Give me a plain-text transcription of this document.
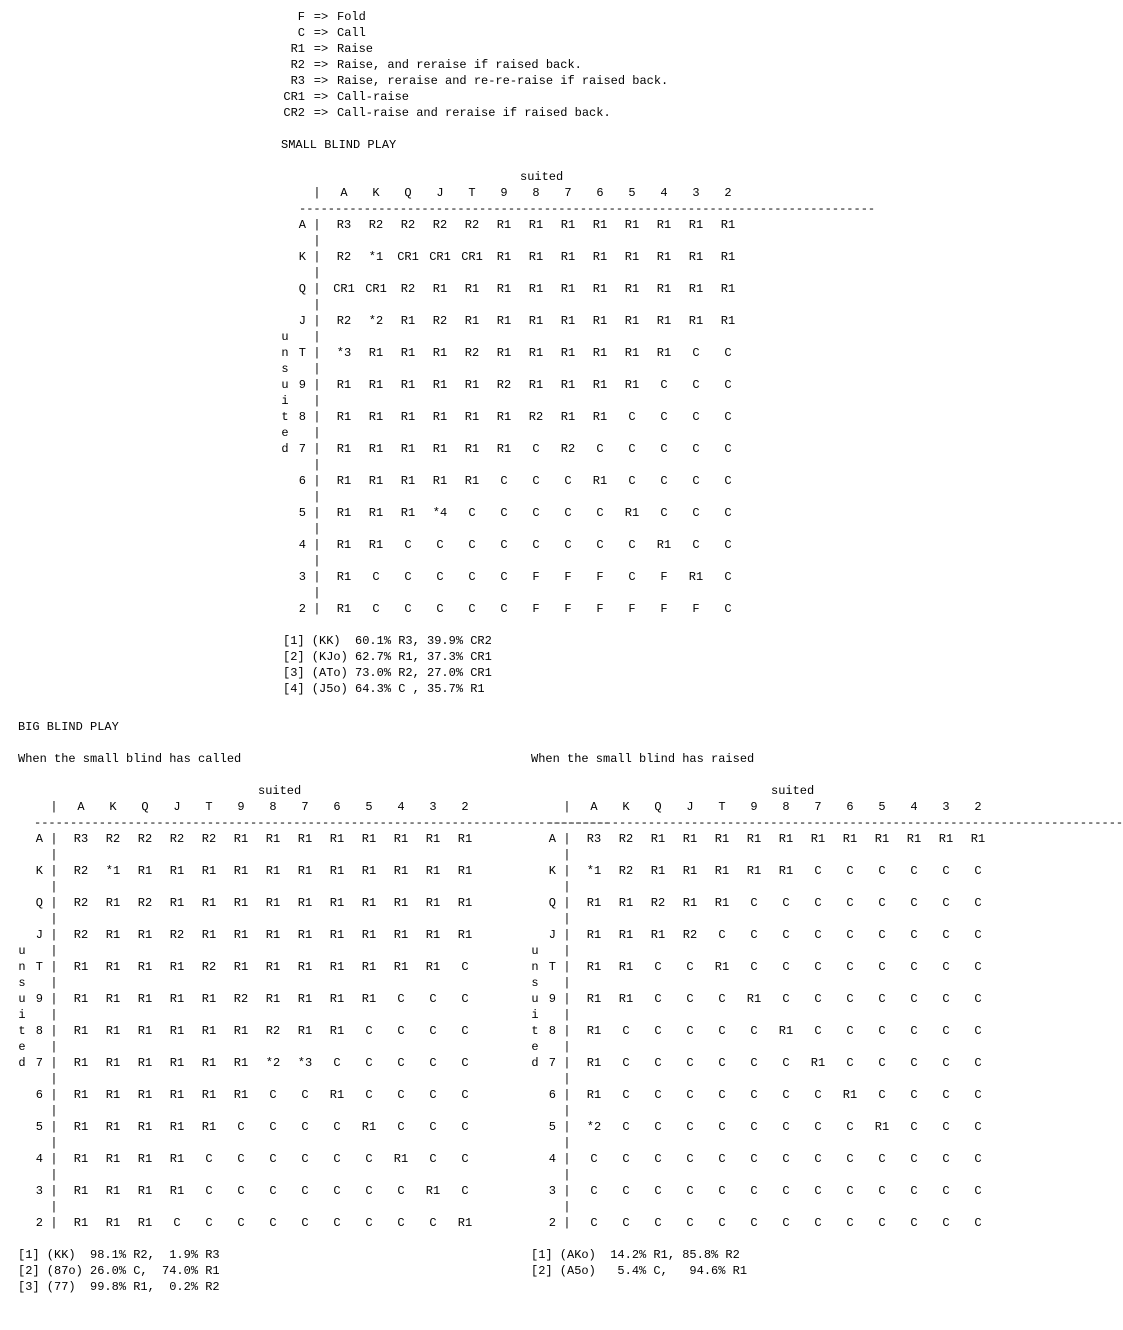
F => Fold
C => Call
R1 => Raise
R2 => Raise, and reraise if raised back.
R3 => Raise, reraise and re-re-raise if raised back.
CR1 => Call-raise
CR2 => Call-raise and reraise if raised back.
SMALL BLIND PLAY
suited
|	A	K	Q	J	T	9	8	7	6	5	4	3	2
--------------------------------------------------------------------------------
A |
|
R3	R2	R2	R2	R2	R1	R1	R1	R1	R1	R1	R1	R1
K |
|
R2	*1	CR1 CR1 CR1	R1	R1	R1	R1	R1	R1	R1	R1
Q |
|
CR1 CR1	R2	R1	R1	R1	R1	R1	R1	R1	R1	R1	R1
J |
|
R2	*2	R1	R2	R1	R1	R1	R1	R1	R1	R1	R1	R1
T |
|
*3	R1	R1	R1	R2	R1	R1	R1	R1	R1	R1	C	C
9 |
|
R1	R1	R1	R1	R1	R2	R1	R1	R1	R1	C	C	C
8 |
|
R1	R1	R1	R1	R1	R1	R2	R1	R1	C	C	C	C
7 |
|
R1	R1	R1	R1	R1	R1	C	R2	C	C	C	C	C
6 |
|
R1	R1	R1	R1	R1	C	C	C	R1	C	C	C	C
5 |
|
R1	R1	R1	*4	C	C	C	C	C	R1	C	C	C
4 |
|
R1	R1	C	C	C	C	C	C	C	C	R1	C	C
3 |
|
R1	C	C	C	C	C	F	F	F	C	F	R1	C
2 |	R1	C	C	C	C	C	F	F	F	F	F	F	C
u
n
s
u
i
t
e
d
[1] (KK)  60.1% R3, 39.9% CR2
[2] (KJo) 62.7% R1, 37.3% CR1
[3] (ATo) 73.0% R2, 27.0% CR1
[4] (J5o) 64.3% C , 35.7% R1
BIG BLIND PLAY
When the small blind has called	When the small blind has raised
suited
|	A	K	Q	J	T	9	8	7	6	5	4	3	2
--------------------------------------------------------------------------------
A |
|
R3	R2	R2	R2	R2	R1	R1	R1	R1	R1	R1	R1	R1
K |
|
R2	*1	R1	R1	R1	R1	R1	R1	R1	R1	R1	R1	R1
Q |
|
R2	R1	R2	R1	R1	R1	R1	R1	R1	R1	R1	R1	R1
J |
|
R2	R1	R1	R2	R1	R1	R1	R1	R1	R1	R1	R1	R1
T |
|
R1	R1	R1	R1	R2	R1	R1	R1	R1	R1	R1	R1	C
9 |
|
R1	R1	R1	R1	R1	R2	R1	R1	R1	R1	C	C	C
8 |
|
R1	R1	R1	R1	R1	R1	R2	R1	R1	C	C	C	C
7 |
|
R1	R1	R1	R1	R1	R1	*2	*3	C	C	C	C	C
6 |
|
R1	R1	R1	R1	R1	R1	C	C	R1	C	C	C	C
5 |
|
R1	R1	R1	R1	R1	C	C	C	C	R1	C	C	C
4 |
|
R1	R1	R1	R1	C	C	C	C	C	C	R1	C	C
3 |
|
R1	R1	R1	R1	C	C	C	C	C	C	C	R1	C
2 |	R1	R1	R1	C	C	C	C	C	C	C	C	C	R1
u
n
s
u
i
t
e
d
suited
|	A	K	Q	J	T	9	8	7	6	5	4	3	2
--------------------------------------------------------------------------------
A |
|
R3	R2	R1	R1	R1	R1	R1	R1	R1	R1	R1	R1	R1
K |
|
*1	R2	R1	R1	R1	R1	R1	C	C	C	C	C	C
Q |
|
R1	R1	R2	R1	R1	C	C	C	C	C	C	C	C
J |
|
R1	R1	R1	R2	C	C	C	C	C	C	C	C	C
T |
|
R1	R1	C	C	R1	C	C	C	C	C	C	C	C
9 |
|
R1	R1	C	C	C	R1	C	C	C	C	C	C	C
8 |
|
R1	C	C	C	C	C	R1	C	C	C	C	C	C
7 |
|
R1	C	C	C	C	C	C	R1	C	C	C	C	C
6 |
|
R1	C	C	C	C	C	C	C	R1	C	C	C	C
5 |
|
*2	C	C	C	C	C	C	C	C	R1	C	C	C
4 |
|
C	C	C	C	C	C	C	C	C	C	C	C	C
3 |
|
C	C	C	C	C	C	C	C	C	C	C	C	C
2 |	C	C	C	C	C	C	C	C	C	C	C	C	C
u
n
s
u
i
t
e
d
[1] (KK)  98.1% R2,  1.9% R3
[2] (87o) 26.0% C,  74.0% R1
[3] (77)  99.8% R1,  0.2% R2
[1] (AKo)  14.2% R1, 85.8% R2
[2] (A5o)   5.4% C,   94.6% R1
